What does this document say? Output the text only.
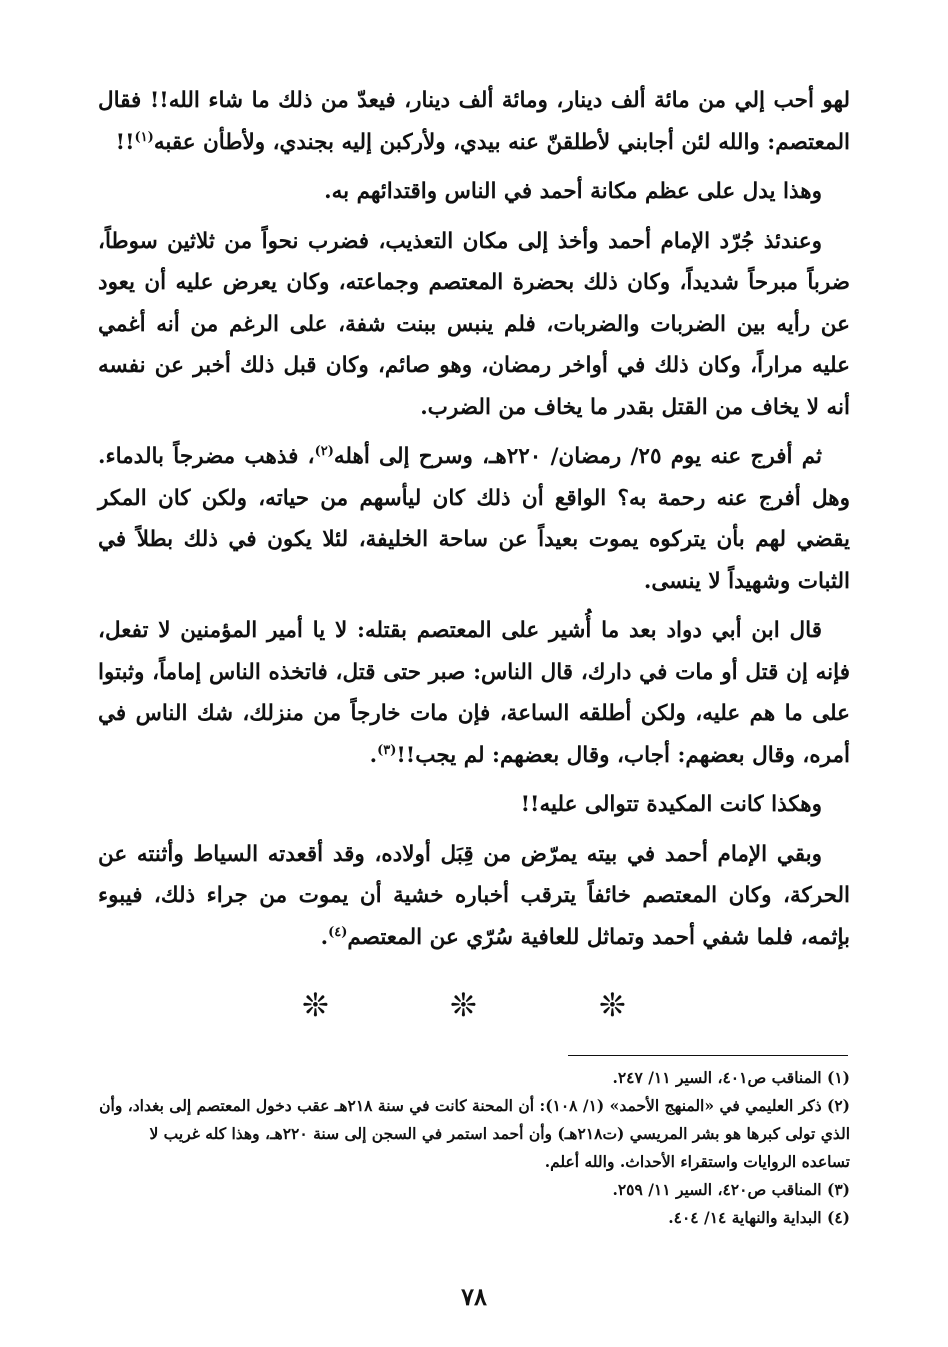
لهو أحب إلي من مائة ألف دينار، ومائة ألف دينار، فيعدّ من ذلك ما شاء الله!! فقال المعتصم: والله لئن أجابني لأطلقنّ عنه بيدي، ولأركبن إليه بجندي، ولأطأن عقبه$^{(١)}$!!

وهذا يدل على عظم مكانة أحمد في الناس واقتدائهم به.

وعندئذ جُرّد الإمام أحمد وأخذ إلى مكان التعذيب، فضرب نحواً من ثلاثين سوطاً، ضرباً مبرحاً شديداً، وكان ذلك بحضرة المعتصم وجماعته، وكان يعرض عليه أن يعود عن رأيه بين الضربات والضربات، فلم ينبس ببنت شفة، على الرغم من أنه أغمي عليه مراراً، وكان ذلك في أواخر رمضان، وهو صائم، وكان قبل ذلك أخبر عن نفسه أنه لا يخاف من القتل بقدر ما يخاف من الضرب.

ثم أفرج عنه يوم ٢٥/ رمضان/ ٢٢٠هـ، وسرح إلى أهله$^{(٢)}$، فذهب مضرجاً بالدماء. وهل أفرج عنه رحمة به؟ الواقع أن ذلك كان ليأسهم من حياته، ولكن كان المكر يقضي لهم بأن يتركوه يموت بعيداً عن ساحة الخليفة، لئلا يكون في ذلك بطلاً في الثبات وشهيداً لا ينسى.

قال ابن أبي دواد بعد ما أُشير على المعتصم بقتله: لا يا أمير المؤمنين لا تفعل، فإنه إن قتل أو مات في دارك، قال الناس: صبر حتى قتل، فاتخذه الناس إماماً، وثبتوا على ما هم عليه، ولكن أطلقه الساعة، فإن مات خارجاً من منزلك، شك الناس في أمره، وقال بعضهم: أجاب، وقال بعضهم: لم يجب!!$^{(٣)}$.

وهكذا كانت المكيدة تتوالى عليه!!

وبقي الإمام أحمد في بيته يمرّض من قِبَل أولاده، وقد أقعدته السياط وأثنته عن الحركة، وكان المعتصم خائفاً يترقب أخباره خشية أن يموت من جراء ذلك، فيبوء بإثمه، فلما شفي أحمد وتماثل للعافية سُرّي عن المعتصم$^{(٤)}$.

❊
❊
❊

(١) المناقب ص٤٠١، السير ١١/ ٢٤٧.

(٢) ذكر العليمي في «المنهج الأحمد» (١/ ١٠٨): أن المحنة كانت في سنة ٢١٨هـ عقب دخول المعتصم إلى بغداد، وأن الذي تولى كبرها هو بشر المريسي (ت٢١٨هـ) وأن أحمد استمر في السجن إلى سنة ٢٢٠هـ، وهذا كله غريب لا تساعده الروايات واستقراء الأحداث. والله أعلم.

(٣) المناقب ص٤٢٠، السير ١١/ ٢٥٩.

(٤) البداية والنهاية ١٤/ ٤٠٤.

٧٨
